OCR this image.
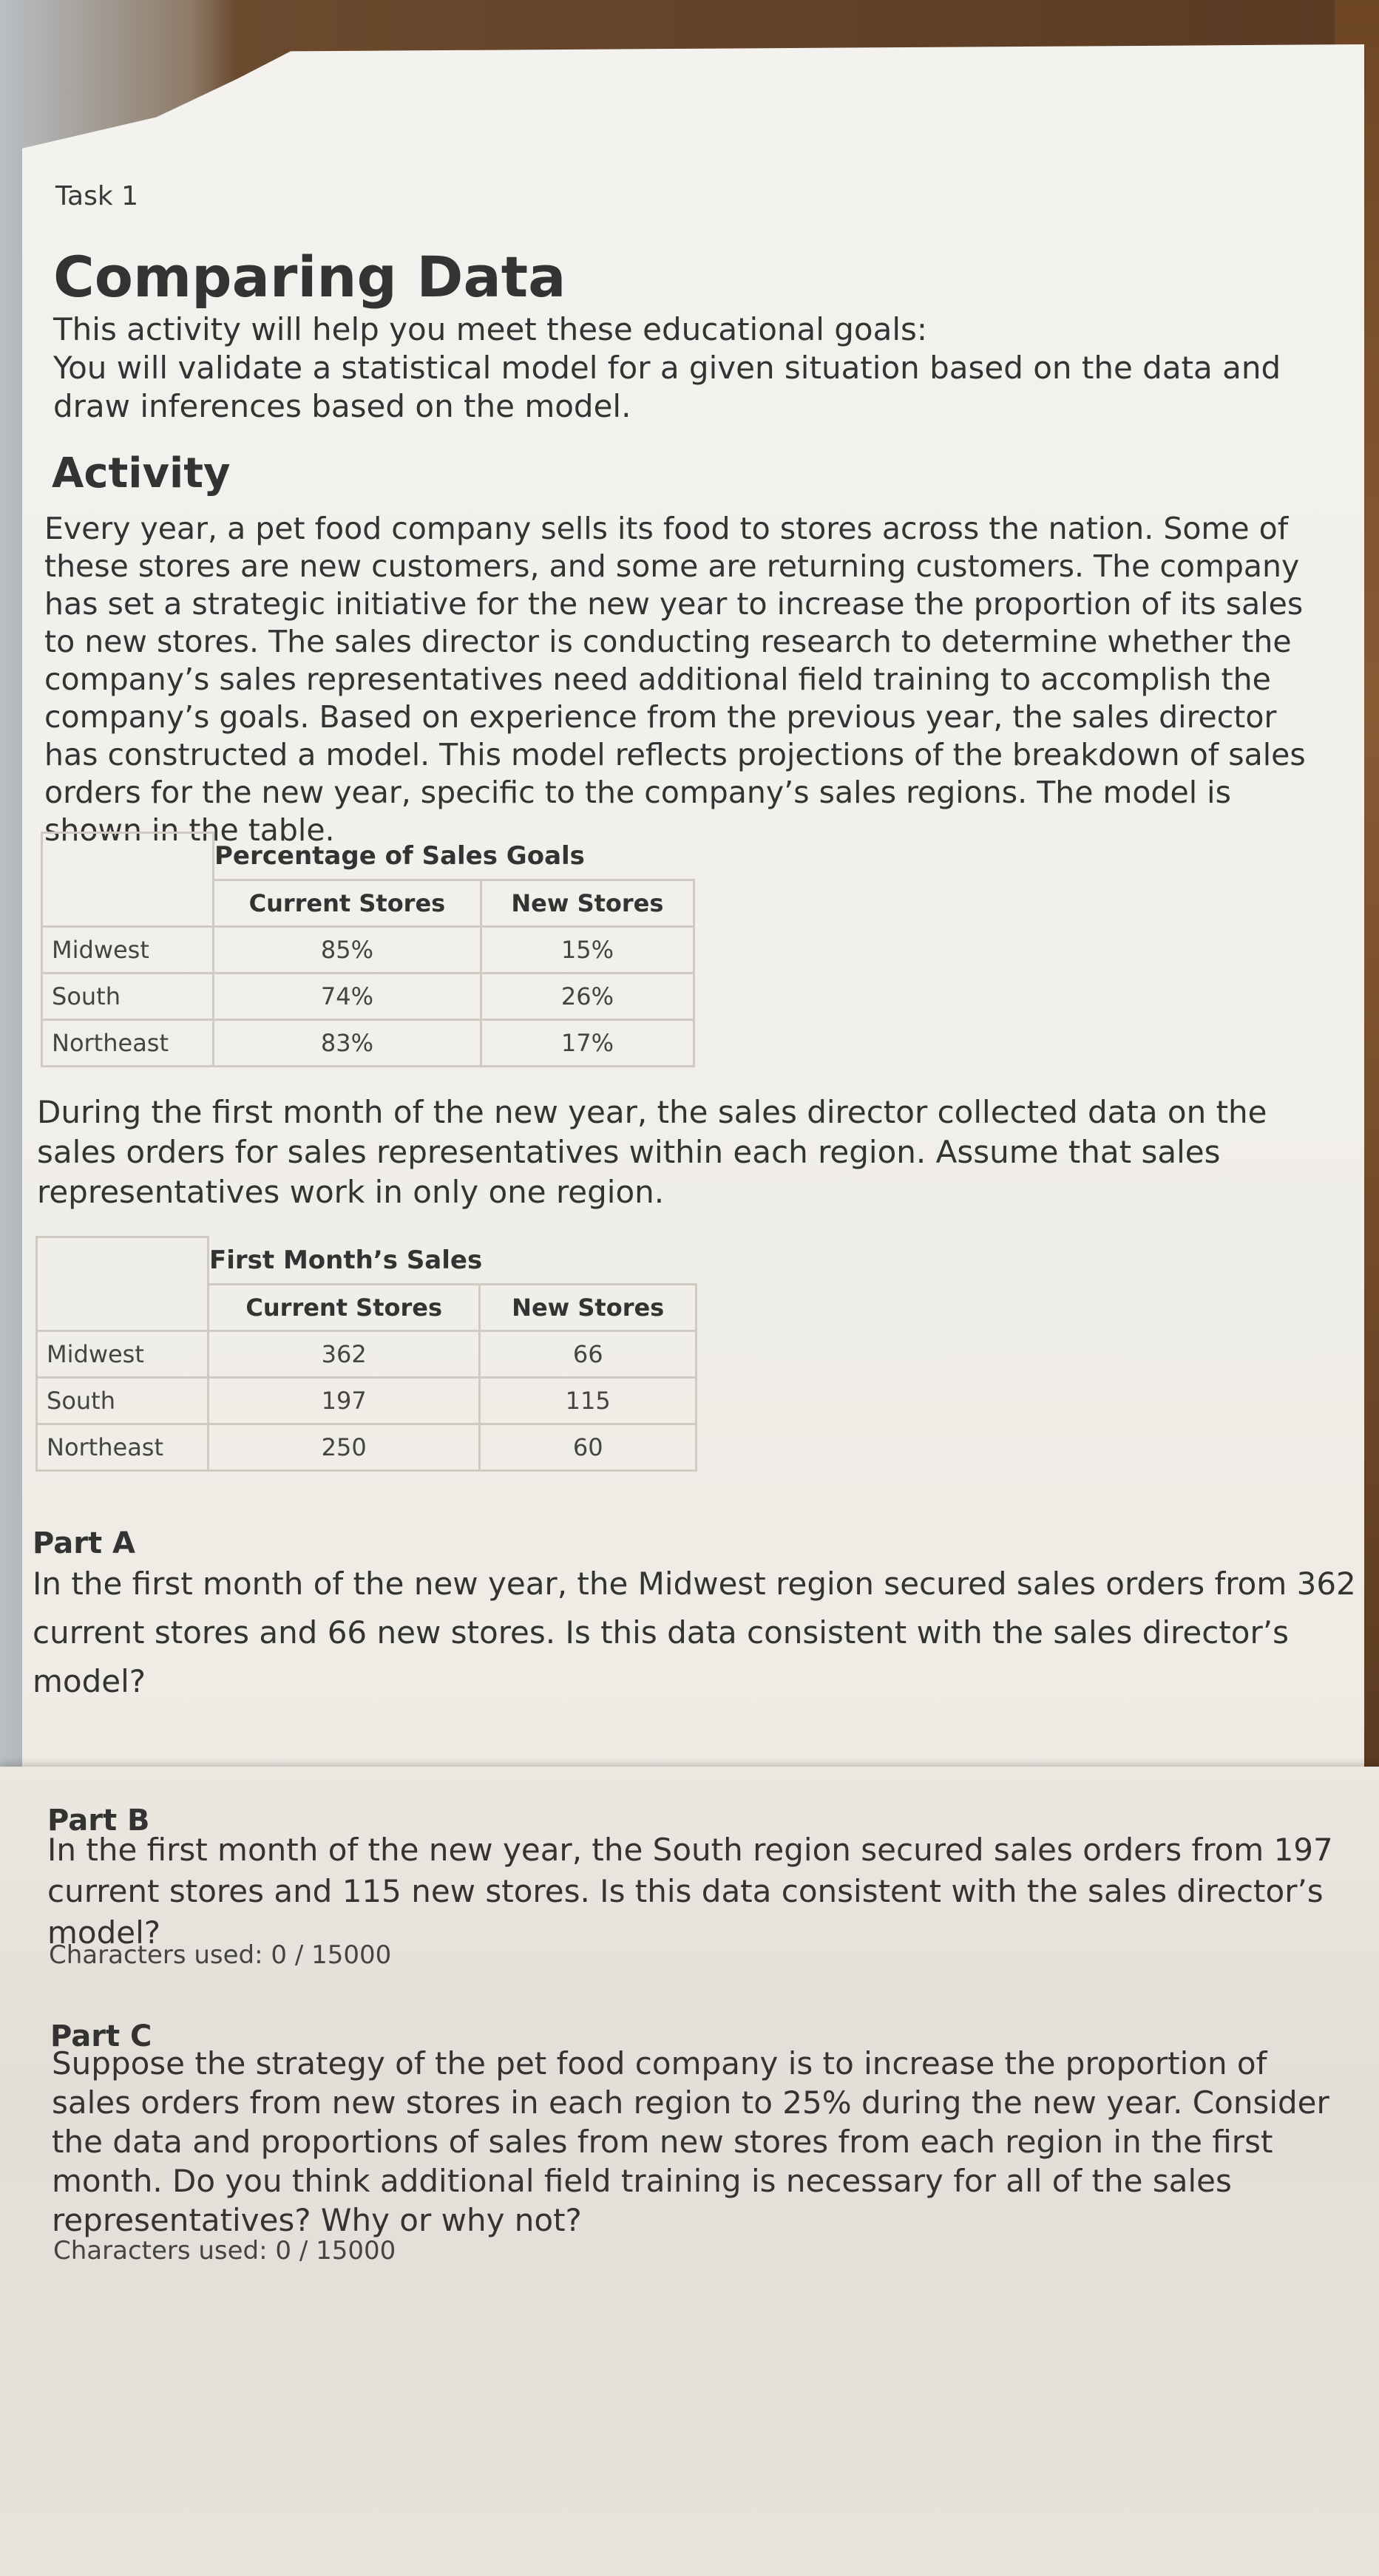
Task 1

Comparing Data
This activity will help you meet these educational goals:
You will validate a statistical model for a given situation based on the data and draw inferences based on the model.
Activity

Every year, a pet food company sells its food to stores across the nation. Some of these stores are new customers, and some are returning customers. The company has set a strategic initiative for the new year to increase the proportion of its sales to new stores. The sales director is conducting research to determine whether the company’s sales representatives need additional field training to accomplish the company’s goals. Based on experience from the previous year, the sales director has constructed a model. This model reflects projections of the breakdown of sales orders for the new year, specific to the company’s sales regions. The model is shown in the table.

	Percentage of Sales Goals	
	Current Stores	New Stores
Midwest	85%	15%
South	74%	26%
Northeast	83%	17%

During the first month of the new year, the sales director collected data on the sales orders for sales representatives within each region. Assume that sales representatives work in only one region.

	First Month’s Sales	
	Current Stores	New Stores
Midwest	362	66
South	197	115
Northeast	250	60
Part A

In the first month of the new year, the Midwest region secured sales orders from 362 current stores and 66 new stores. Is this data consistent with the sales director’s model?

Part B

In the first month of the new year, the South region secured sales orders from 197 current stores and 115 new stores. Is this data consistent with the sales director’s model?

Characters used: 0 / 15000

Part C

Suppose the strategy of the pet food company is to increase the proportion of sales orders from new stores in each region to 25% during the new year. Consider the data and proportions of sales from new stores from each region in the first month. Do you think additional field training is necessary for all of the sales representatives? Why or why not?

Characters used: 0 / 15000
